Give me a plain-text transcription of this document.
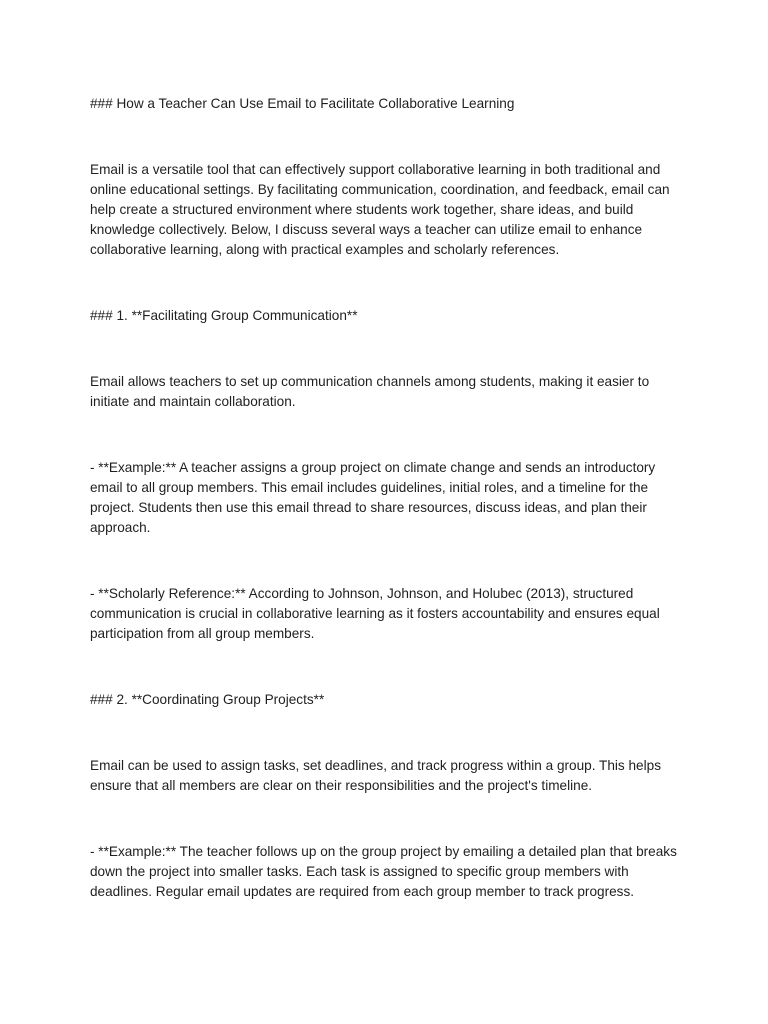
### How a Teacher Can Use Email to Facilitate Collaborative Learning

Email is a versatile tool that can effectively support collaborative learning in both traditional and online educational settings. By facilitating communication, coordination, and feedback, email can help create a structured environment where students work together, share ideas, and build knowledge collectively. Below, I discuss several ways a teacher can utilize email to enhance collaborative learning, along with practical examples and scholarly references.

### 1. **Facilitating Group Communication**

Email allows teachers to set up communication channels among students, making it easier to initiate and maintain collaboration.

- **Example:** A teacher assigns a group project on climate change and sends an introductory email to all group members. This email includes guidelines, initial roles, and a timeline for the project. Students then use this email thread to share resources, discuss ideas, and plan their approach.

- **Scholarly Reference:** According to Johnson, Johnson, and Holubec (2013), structured communication is crucial in collaborative learning as it fosters accountability and ensures equal participation from all group members.

### 2. **Coordinating Group Projects**

Email can be used to assign tasks, set deadlines, and track progress within a group. This helps ensure that all members are clear on their responsibilities and the project's timeline.

- **Example:** The teacher follows up on the group project by emailing a detailed plan that breaks down the project into smaller tasks. Each task is assigned to specific group members with deadlines. Regular email updates are required from each group member to track progress.
